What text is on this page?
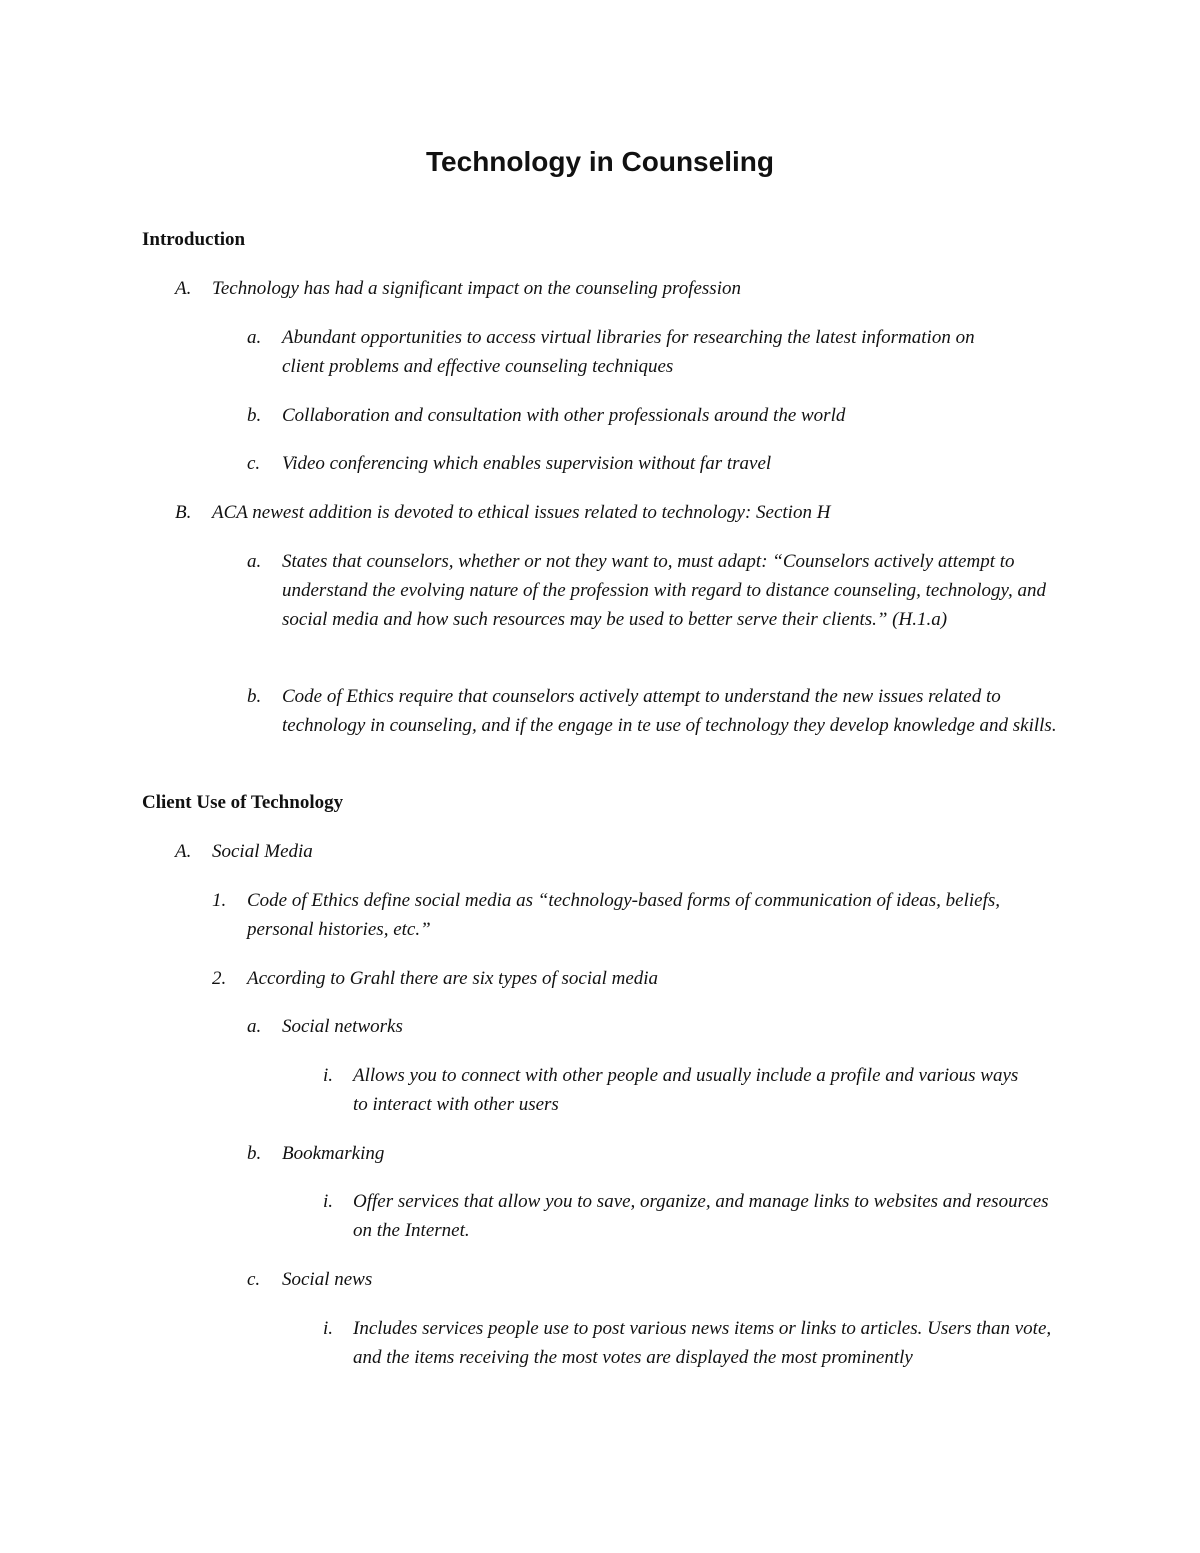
Technology in Counseling
Introduction
A. Technology has had a significant impact on the counseling profession
a. Abundant opportunities to access virtual libraries for researching the latest information on client problems and effective counseling techniques
b. Collaboration and consultation with other professionals around the world
c. Video conferencing which enables supervision without far travel
B. ACA newest addition is devoted to ethical issues related to technology: Section H
a. States that counselors, whether or not they want to, must adapt: “Counselors actively attempt to understand the evolving nature of the profession with regard to distance counseling, technology, and social media and how such resources may be used to better serve their clients.” (H.1.a)
b. Code of Ethics require that counselors actively attempt to understand the new issues related to technology in counseling, and if the engage in te use of technology they develop knowledge and skills.
Client Use of Technology
A. Social Media
1. Code of Ethics define social media as “technology-based forms of communication of ideas, beliefs, personal histories, etc.”
2. According to Grahl there are six types of social media
a. Social networks
i. Allows you to connect with other people and usually include a profile and various ways to interact with other users
b. Bookmarking
i. Offer services that allow you to save, organize, and manage links to websites and resources on the Internet.
c. Social news
i. Includes services people use to post various news items or links to articles. Users than vote, and the items receiving the most votes are displayed the most prominently
